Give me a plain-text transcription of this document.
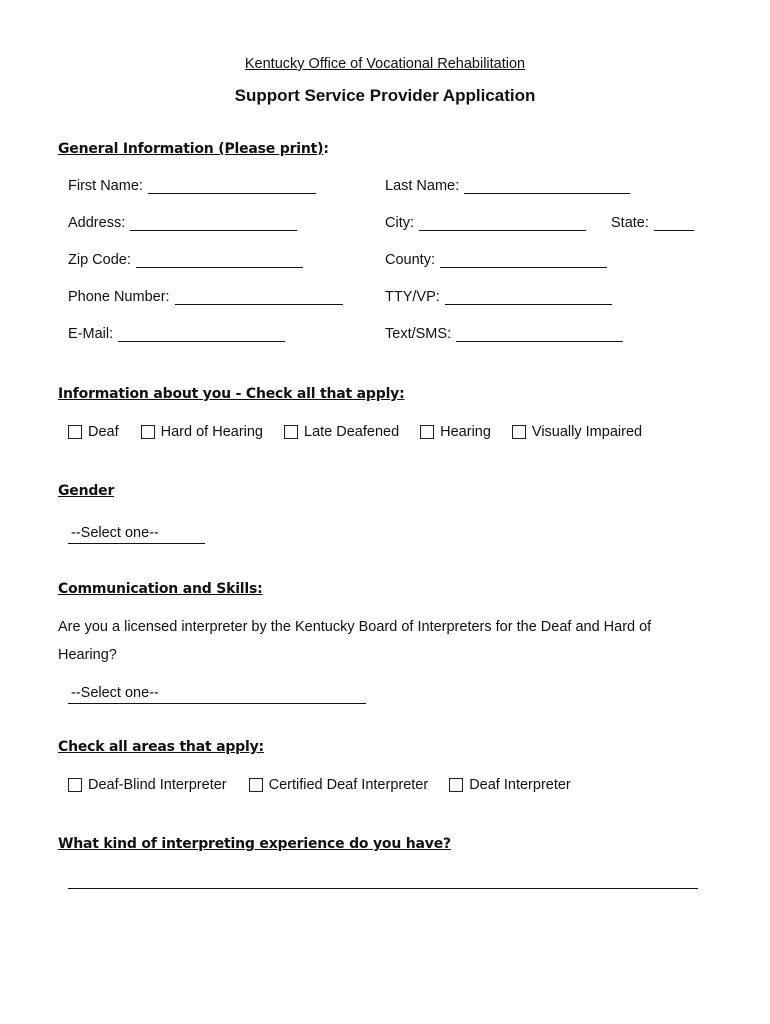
Kentucky Office of Vocational Rehabilitation
Support Service Provider Application
General Information (Please print):
First Name:	Last Name:
Address:	City:	State:
Zip Code:	County:
Phone Number:	TTY/VP:
E-Mail:	Text/SMS:
Information about you - Check all that apply:
Deaf	Hard of Hearing	Late Deafened	Hearing	Visually Impaired
Gender
--Select one--
Communication and Skills:
Are you a licensed interpreter by the Kentucky Board of Interpreters for the Deaf and Hard of
Hearing?
--Select one--
Check all areas that apply:
Deaf-Blind Interpreter	Certified Deaf Interpreter	Deaf Interpreter
What kind of interpreting experience do you have?
